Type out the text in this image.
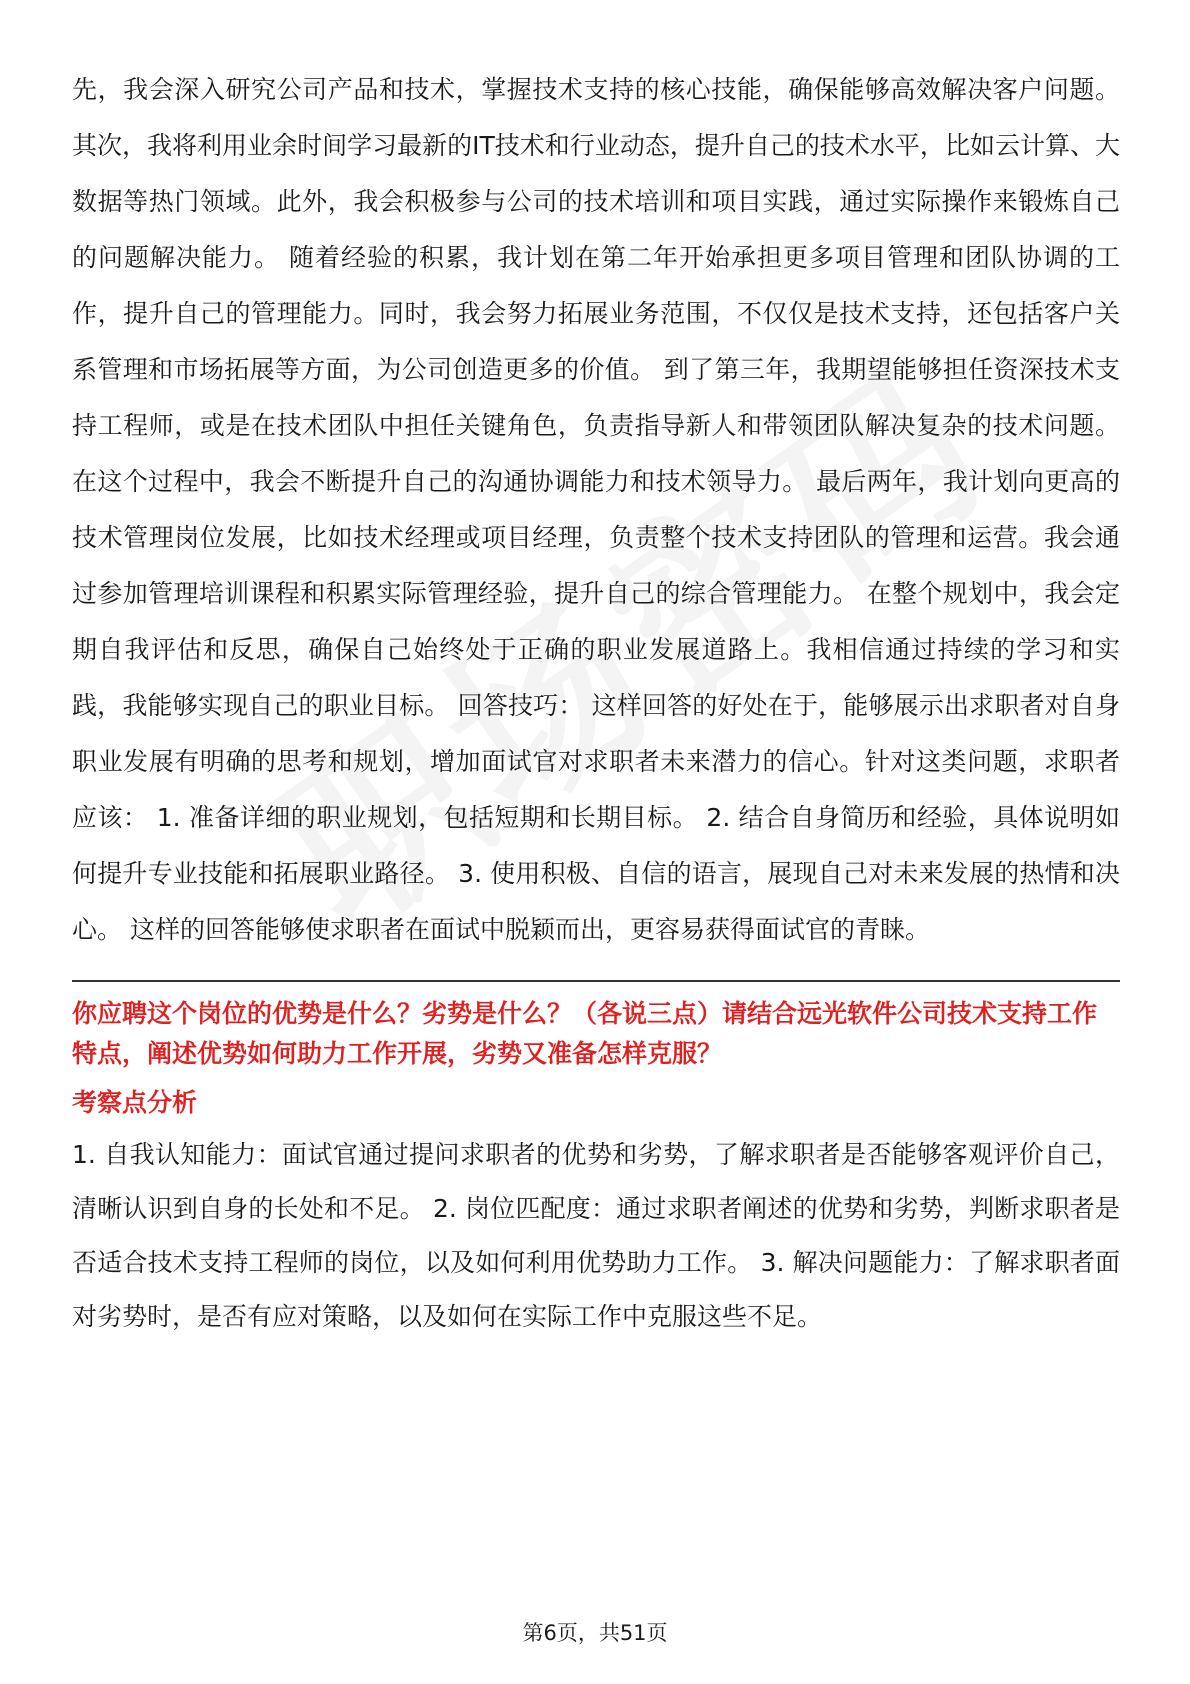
先，我会深入研究公司产品和技术，掌握技术支持的核心技能，确保能够高效解决客户问题。其次，我将利用业余时间学习最新的IT技术和行业动态，提升自己的技术水平，比如云计算、大数据等热门领域。此外，我会积极参与公司的技术培训和项目实践，通过实际操作来锻炼自己的问题解决能力。 随着经验的积累，我计划在第二年开始承担更多项目管理和团队协调的工作，提升自己的管理能力。同时，我会努力拓展业务范围，不仅仅是技术支持，还包括客户关系管理和市场拓展等方面，为公司创造更多的价值。 到了第三年，我期望能够担任资深技术支持工程师，或是在技术团队中担任关键角色，负责指导新人和带领团队解决复杂的技术问题。在这个过程中，我会不断提升自己的沟通协调能力和技术领导力。 最后两年，我计划向更高的技术管理岗位发展，比如技术经理或项目经理，负责整个技术支持团队的管理和运营。我会通过参加管理培训课程和积累实际管理经验，提升自己的综合管理能力。 在整个规划中，我会定期自我评估和反思，确保自己始终处于正确的职业发展道路上。我相信通过持续的学习和实践，我能够实现自己的职业目标。 回答技巧： 这样回答的好处在于，能够展示出求职者对自身职业发展有明确的思考和规划，增加面试官对求职者未来潜力的信心。针对这类问题，求职者应该： 1. 准备详细的职业规划，包括短期和长期目标。 2. 结合自身简历和经验，具体说明如何提升专业技能和拓展职业路径。 3. 使用积极、自信的语言，展现自己对未来发展的热情和决心。 这样的回答能够使求职者在面试中脱颖而出，更容易获得面试官的青睐。

你应聘这个岗位的优势是什么？劣势是什么？（各说三点）请结合远光软件公司技术支持工作特点，阐述优势如何助力工作开展，劣势又准备怎样克服？

考察点分析

1. 自我认知能力：面试官通过提问求职者的优势和劣势，了解求职者是否能够客观评价自己，清晰认识到自身的长处和不足。 2. 岗位匹配度：通过求职者阐述的优势和劣势，判断求职者是否适合技术支持工程师的岗位，以及如何利用优势助力工作。 3. 解决问题能力：了解求职者面对劣势时，是否有应对策略，以及如何在实际工作中克服这些不足。

第6页，共51页
